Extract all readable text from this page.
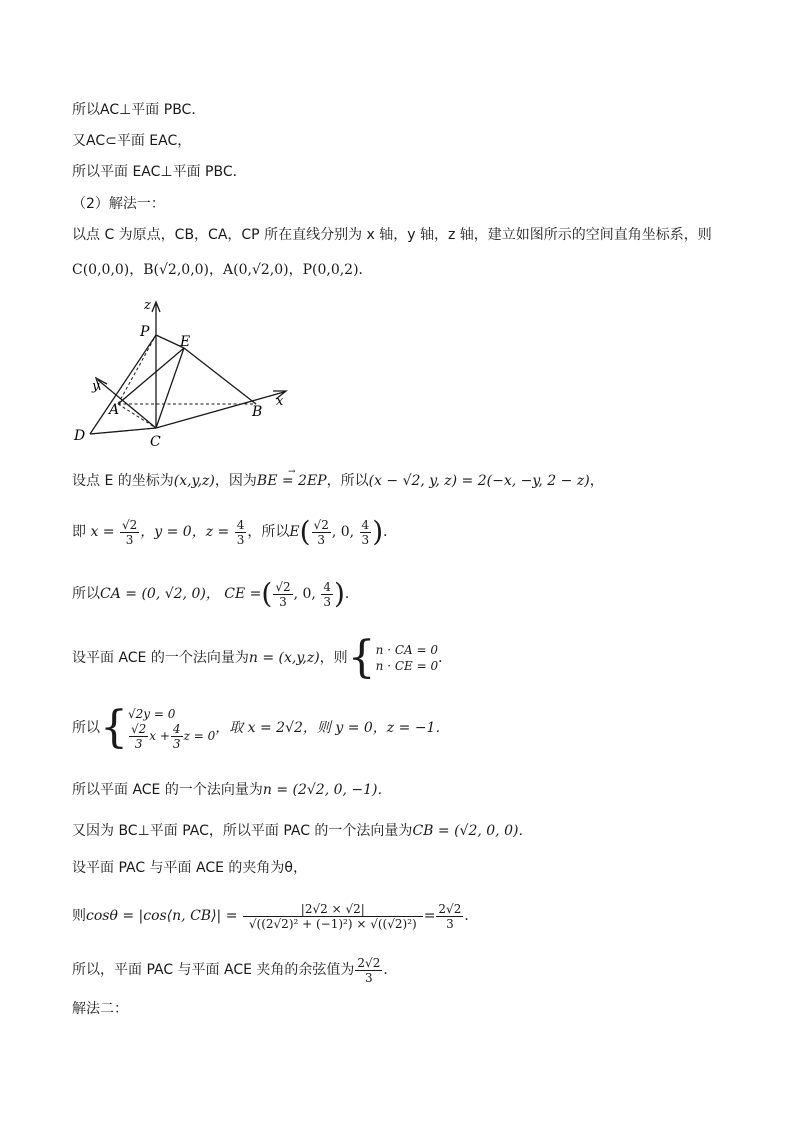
所以AC⊥平面 PBC．
又AC⊂平面 EAC，
所以平面 EAC⊥平面 PBC．
（2）解法一：
以点 C 为原点，CB，CA，CP 所在直线分别为 x 轴，y 轴，z 轴，建立如图所示的空间直角坐标系，则
C(0,0,0)，B(√2,0,0)，A(0,√2,0)，P(0,0,2)．
z
P
E
y
A	B
x
D	C
设点 E 的坐标为(x,y,z)，因为→ BE = 2EP，所以(x − √2, y, z) = 2(−x, −y, 2 − z)，
即 $x = \frac{√2}{3}$ ，y = 0，$z = \frac{4}{3}$ ，所以$E( \frac{√2}{3}$ , 0, $\frac{4}{3}$ )．
所以CA = (0, √2, 0)， CE =( $\frac{√2}{3}$ , 0, $\frac{4}{3}$ )．
设平面 ACE 的一个法向量为n = (x,y,z)，则{ n · CA = 0
n · CE = 0 ．
所以{ √2y = 0
$\frac{√2}{3}$ $x + \frac{4}{3}$ z = 0 ，取 x = 2√2，则 y = 0，z = −1．
所以平面 ACE 的一个法向量为n = (2√2, 0, −1)．
又因为 BC⊥平面 PAC，所以平面 PAC 的一个法向量为CB = (√2, 0, 0)．
设平面 PAC 与平面 ACE 的夹角为θ，
则cosθ = |cos⟨n, CB⟩| = $\frac{|2√2 \times √2|}{\text{√((2√2)² + (−1)²) × √((√2)²)}} = \frac{2√2}{3}$ ．
所以，平面 PAC 与平面 ACE 夹角的余弦值为 $\frac{2√2}{3}$ ．
解法二：
